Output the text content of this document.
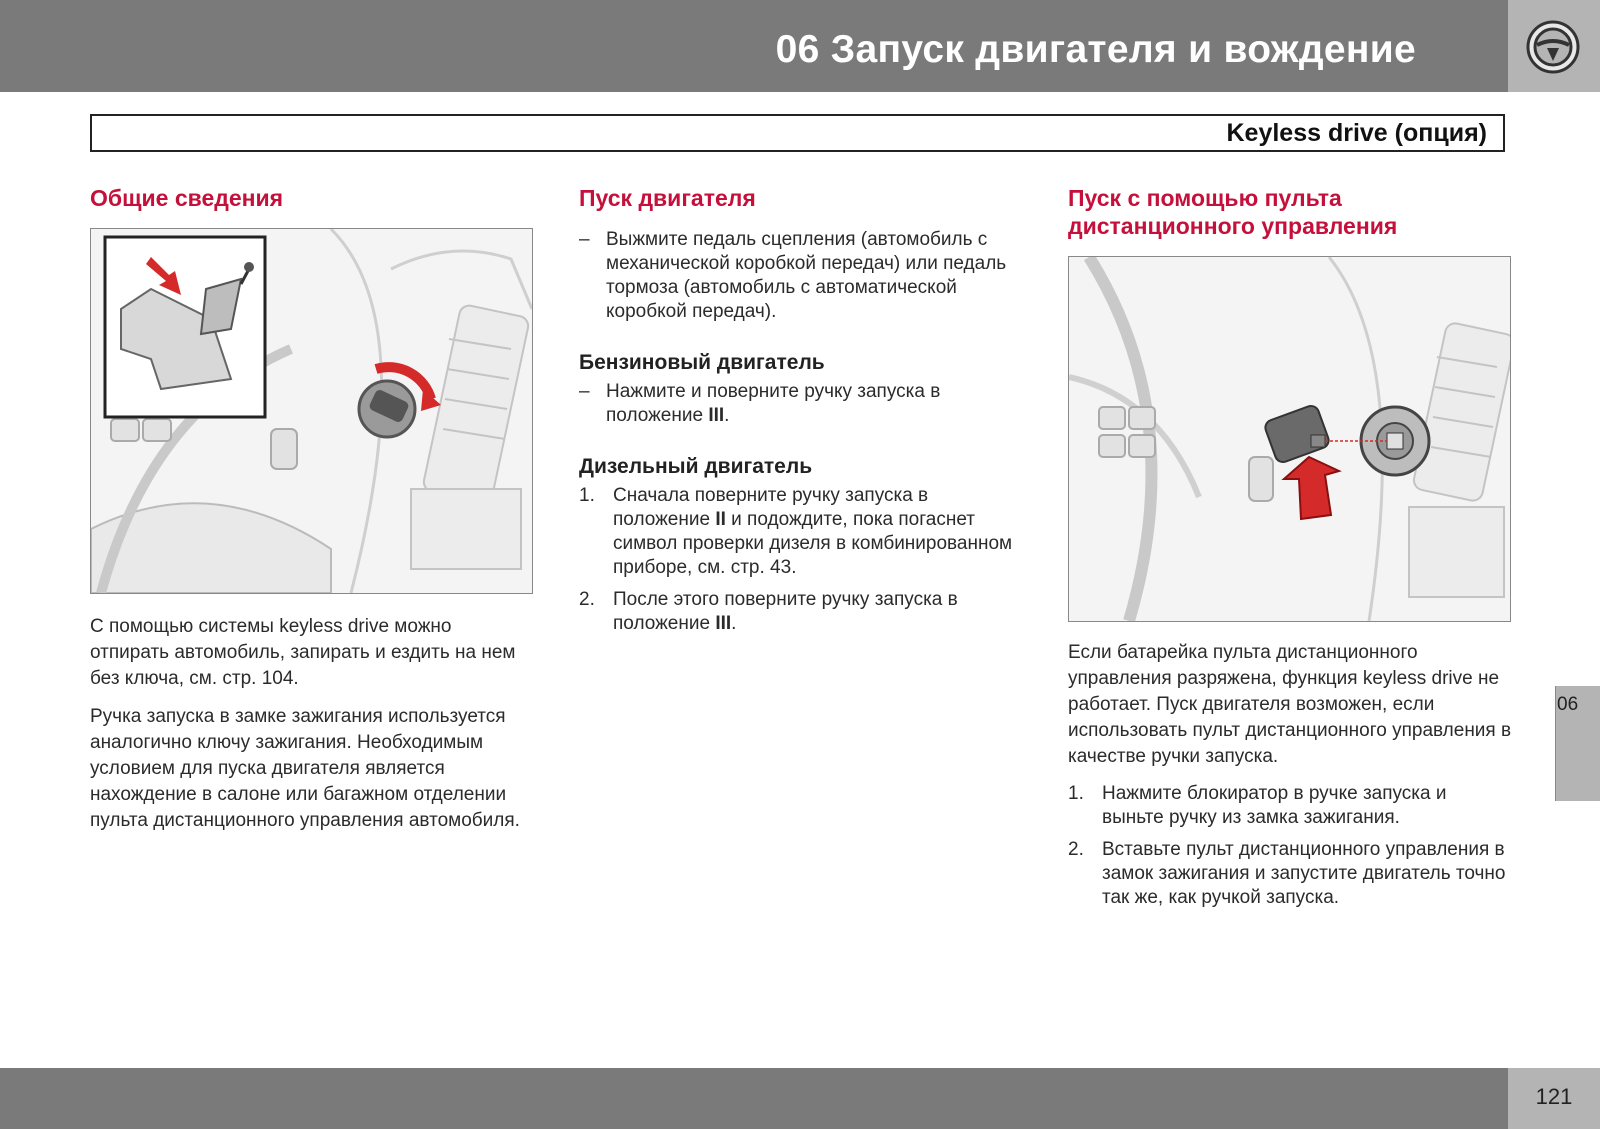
06 Запуск двигателя и вождение
Keyless drive (опция)
Общие сведения

С помощью системы keyless drive можно отпирать автомобиль, запирать и ездить на нем без ключа, см. стр. 104.

Ручка запуска в замке зажигания используется аналогично ключу зажигания. Необходимым условием для пуска двигателя является нахождение в салоне или багажном отделении пульта дистанционного управления автомобиля.

Пуск двигателя
– Выжмите педаль сцепления (автомобиль с механической коробкой передач) или педаль тормоза (автомобиль с автоматической коробкой передач).
Бензиновый двигатель
– Нажмите и поверните ручку запуска в положение III.
Дизельный двигатель
1. Сначала поверните ручку запуска в положение II и подождите, пока погаснет символ проверки дизеля в комбинированном приборе, см. стр. 43.
2. После этого поверните ручку запуска в положение III.
Пуск с помощью пульта дистанционного управления

Если батарейка пульта дистанционного управления разряжена, функция keyless drive не работает. Пуск двигателя возможен, если использовать пульт дистанционного управления в качестве ручки запуска.

1. Нажмите блокиратор в ручке запуска и выньте ручку из замка зажигания.
2. Вставьте пульт дистанционного управления в замок зажигания и запустите двигатель точно так же, как ручкой запуска.
06
121
